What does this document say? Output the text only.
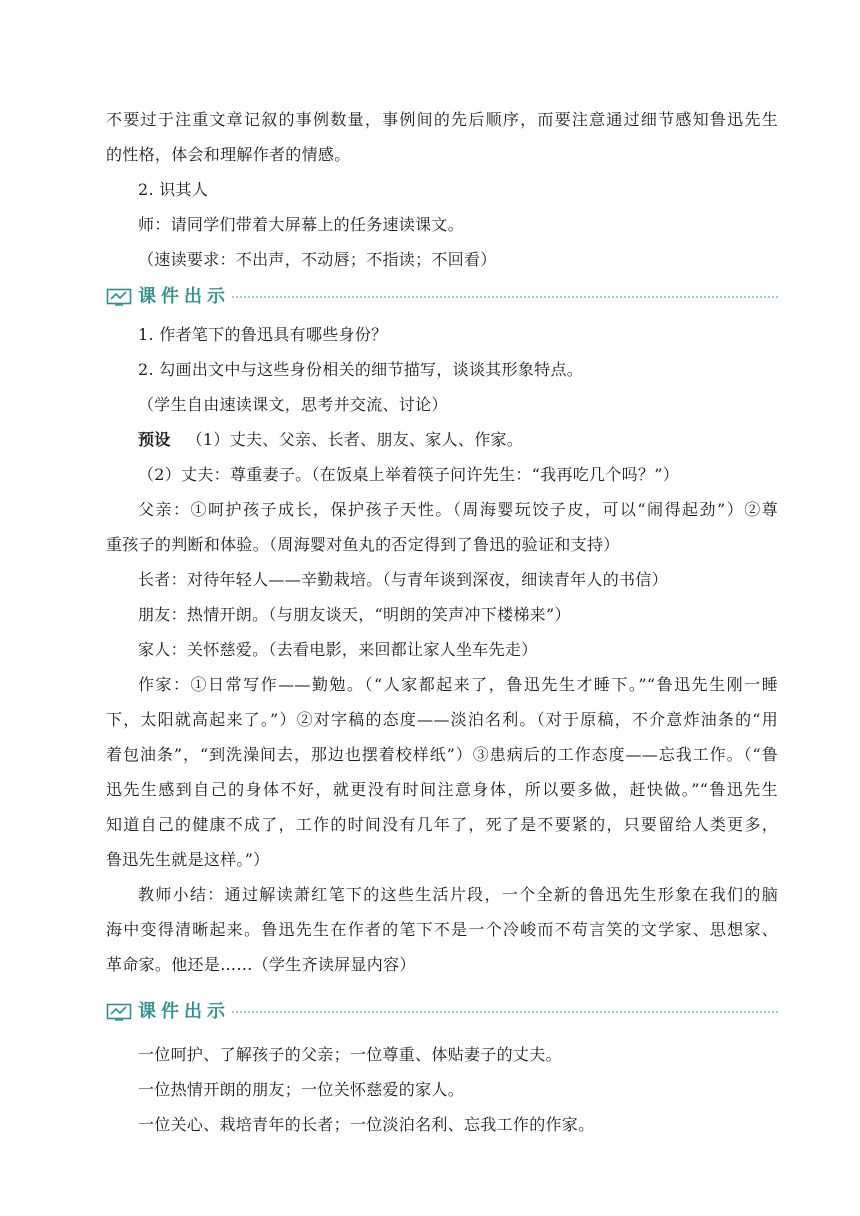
不要过于注重文章记叙的事例数量，事例间的先后顺序，而要注意通过细节感知鲁迅先生
的性格，体会和理解作者的情感。
2. 识其人
师：请同学们带着大屏幕上的任务速读课文。
（速读要求：不出声，不动唇；不指读；不回看）
课件出示
1. 作者笔下的鲁迅具有哪些身份？
2. 勾画出文中与这些身份相关的细节描写，谈谈其形象特点。
（学生自由速读课文，思考并交流、讨论）
预设 （1）丈夫、父亲、长者、朋友、家人、作家。
（2）丈夫：尊重妻子。（在饭桌上举着筷子问许先生：“我再吃几个吗？”）
父亲：①呵护孩子成长，保护孩子天性。（周海婴玩饺子皮，可以“闹得起劲”）②尊
重孩子的判断和体验。（周海婴对鱼丸的否定得到了鲁迅的验证和支持）
长者：对待年轻人——辛勤栽培。（与青年谈到深夜，细读青年人的书信）
朋友：热情开朗。（与朋友谈天，“明朗的笑声冲下楼梯来”）
家人：关怀慈爱。（去看电影，来回都让家人坐车先走）
作家：①日常写作——勤勉。（“人家都起来了，鲁迅先生才睡下。”“鲁迅先生刚一睡
下，太阳就高起来了。”）②对字稿的态度——淡泊名利。（对于原稿，不介意炸油条的“用
着包油条”，“到洗澡间去，那边也摆着校样纸”）③患病后的工作态度——忘我工作。（“鲁
迅先生感到自己的身体不好，就更没有时间注意身体，所以要多做，赶快做。”“鲁迅先生
知道自己的健康不成了，工作的时间没有几年了，死了是不要紧的，只要留给人类更多，
鲁迅先生就是这样。”）
教师小结：通过解读萧红笔下的这些生活片段，一个全新的鲁迅先生形象在我们的脑
海中变得清晰起来。鲁迅先生在作者的笔下不是一个冷峻而不苟言笑的文学家、思想家、
革命家。他还是……（学生齐读屏显内容）
课件出示
一位呵护、了解孩子的父亲；一位尊重、体贴妻子的丈夫。
一位热情开朗的朋友；一位关怀慈爱的家人。
一位关心、栽培青年的长者；一位淡泊名利、忘我工作的作家。
